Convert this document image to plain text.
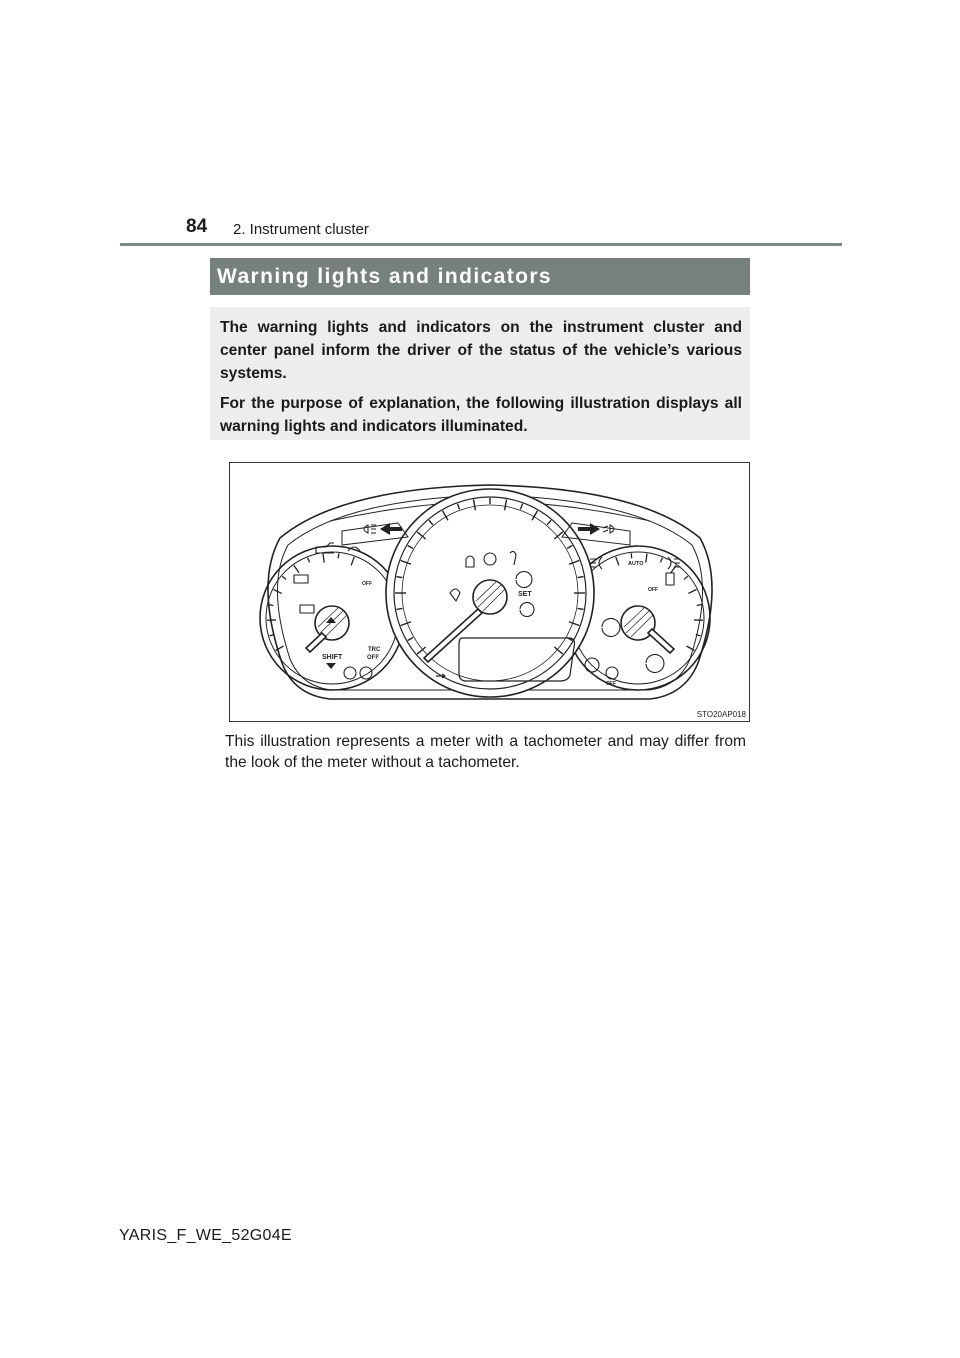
84 2. Instrument cluster
Warning lights and indicators

The warning lights and indicators on the instrument cluster and center panel inform the driver of the status of the vehicle’s various systems.

For the purpose of explanation, the following illustration displays all warning lights and indicators illuminated.

SET
SHIFT
TRC
OFF
AUTO
OFF
OFF
OFF
STO20AP018
This illustration represents a meter with a tachometer and may differ from the look of the meter without a tachometer.
YARIS_F_WE_52G04E
